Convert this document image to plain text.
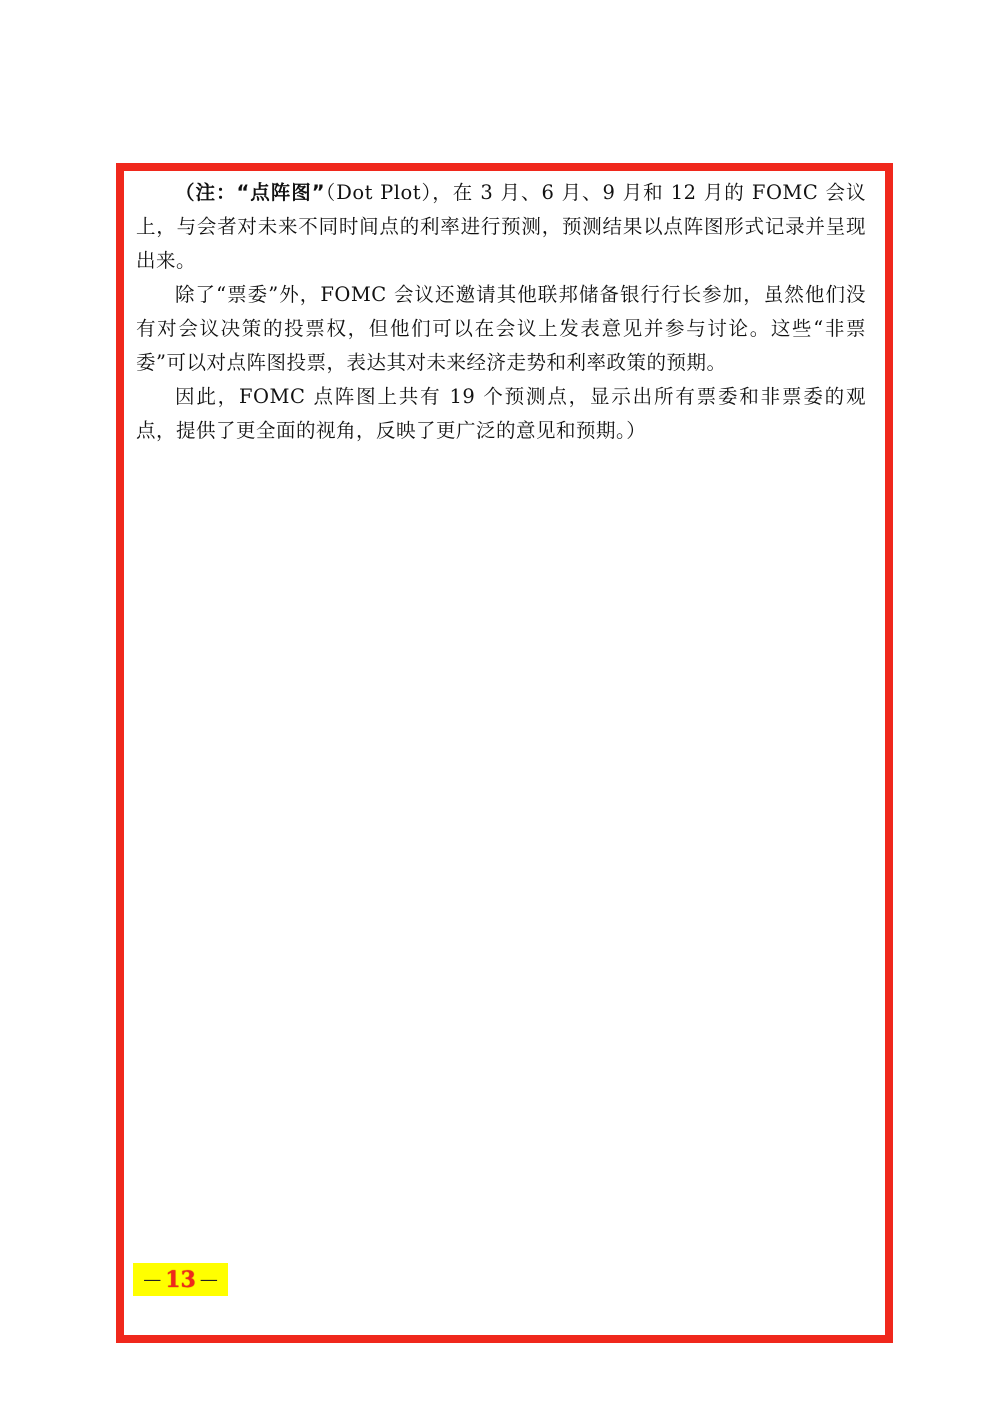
（注：“点阵图”（Dot Plot），在 3 月、6 月、9 月和 12 月的 FOMC 会议上，与会者对未来不同时间点的利率进行预测，预测结果以点阵图形式记录并呈现出来。

除了“票委”外，FOMC 会议还邀请其他联邦储备银行行长参加，虽然他们没有对会议决策的投票权，但他们可以在会议上发表意见并参与讨论。这些“非票委”可以对点阵图投票，表达其对未来经济走势和利率政策的预期。

因此，FOMC 点阵图上共有 19 个预测点，显示出所有票委和非票委的观点，提供了更全面的视角，反映了更广泛的意见和预期。）

— 13 —
